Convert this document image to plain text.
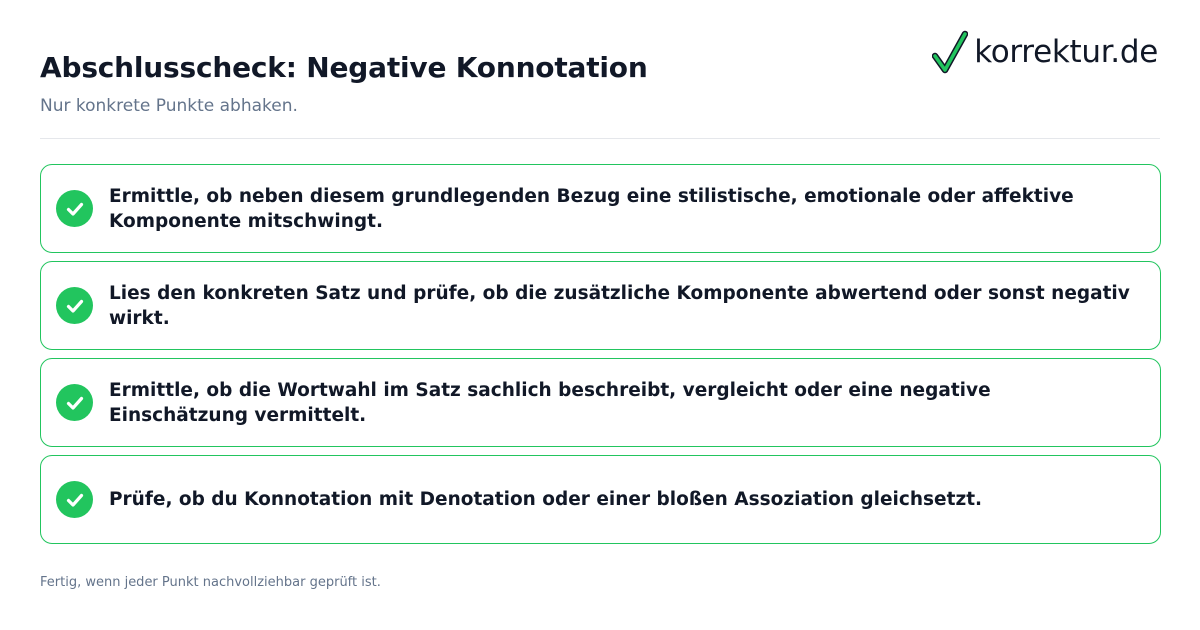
Abschlusscheck: Negative Konnotation
Nur konkrete Punkte abhaken.
korrektur.de
Ermittle, ob neben diesem grundlegenden Bezug eine stilistische, emotionale oder affektive Komponente mitschwingt.
Lies den konkreten Satz und prüfe, ob die zusätzliche Komponente abwertend oder sonst negativ wirkt.
Ermittle, ob die Wortwahl im Satz sachlich beschreibt, vergleicht oder eine negative Einschätzung vermittelt.
Prüfe, ob du Konnotation mit Denotation oder einer bloßen Assoziation gleichsetzt.
Fertig, wenn jeder Punkt nachvollziehbar geprüft ist.
